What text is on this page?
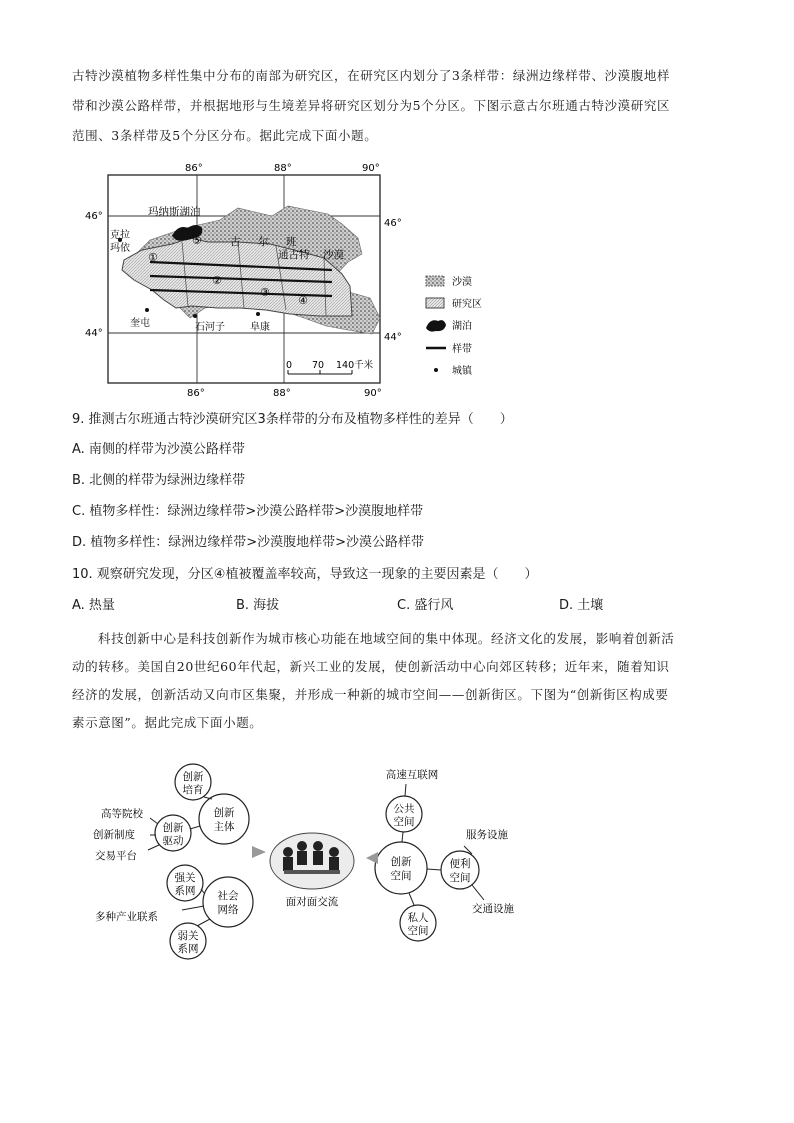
古特沙漠植物多样性集中分布的南部为研究区，在研究区内划分了3条样带：绿洲边缘样带、沙漠腹地样
带和沙漠公路样带，并根据地形与生境差异将研究区划分为5个分区。下图示意古尔班通古特沙漠研究区
范围、3条样带及5个分区分布。据此完成下面小题。
86°	88°	90°
86°	88°	90°
46°
44°
46°
44°
玛纳斯湖泊
古 尔 班
通古特 沙漠
克拉
玛依
奎屯	石河子	阜康
①
②
③
④
⑤
0 70 140千米
沙漠
研究区
湖泊
样带
城镇
9. 推测古尔班通古特沙漠研究区3条样带的分布及植物多样性的差异（　　）
A. 南侧的样带为沙漠公路样带
B. 北侧的样带为绿洲边缘样带
C. 植物多样性：绿洲边缘样带>沙漠公路样带>沙漠腹地样带
D. 植物多样性：绿洲边缘样带>沙漠腹地样带>沙漠公路样带
10. 观察研究发现，分区④植被覆盖率较高，导致这一现象的主要因素是（　　）
A. 热量	B. 海拔	C. 盛行风	D. 土壤
科技创新中心是科技创新作为城市核心功能在地域空间的集中体现。经济文化的发展，影响着创新活
动的转移。美国自20世纪60年代起，新兴工业的发展，使创新活动中心向郊区转移；近年来，随着知识
经济的发展，创新活动又向市区集聚，并形成一种新的城市空间——创新街区。下图为“创新街区构成要
素示意图”。据此完成下面小题。
创新
培育
创新
主体
创新
驱动
强关
系网 社会
网络
弱关
系网
公共
空间
创新
空间
便利
空间
私人
空间
面对面交流
高速互联网
高等院校
创新制度
交易平台
多种产业联系
服务设施
交通设施
